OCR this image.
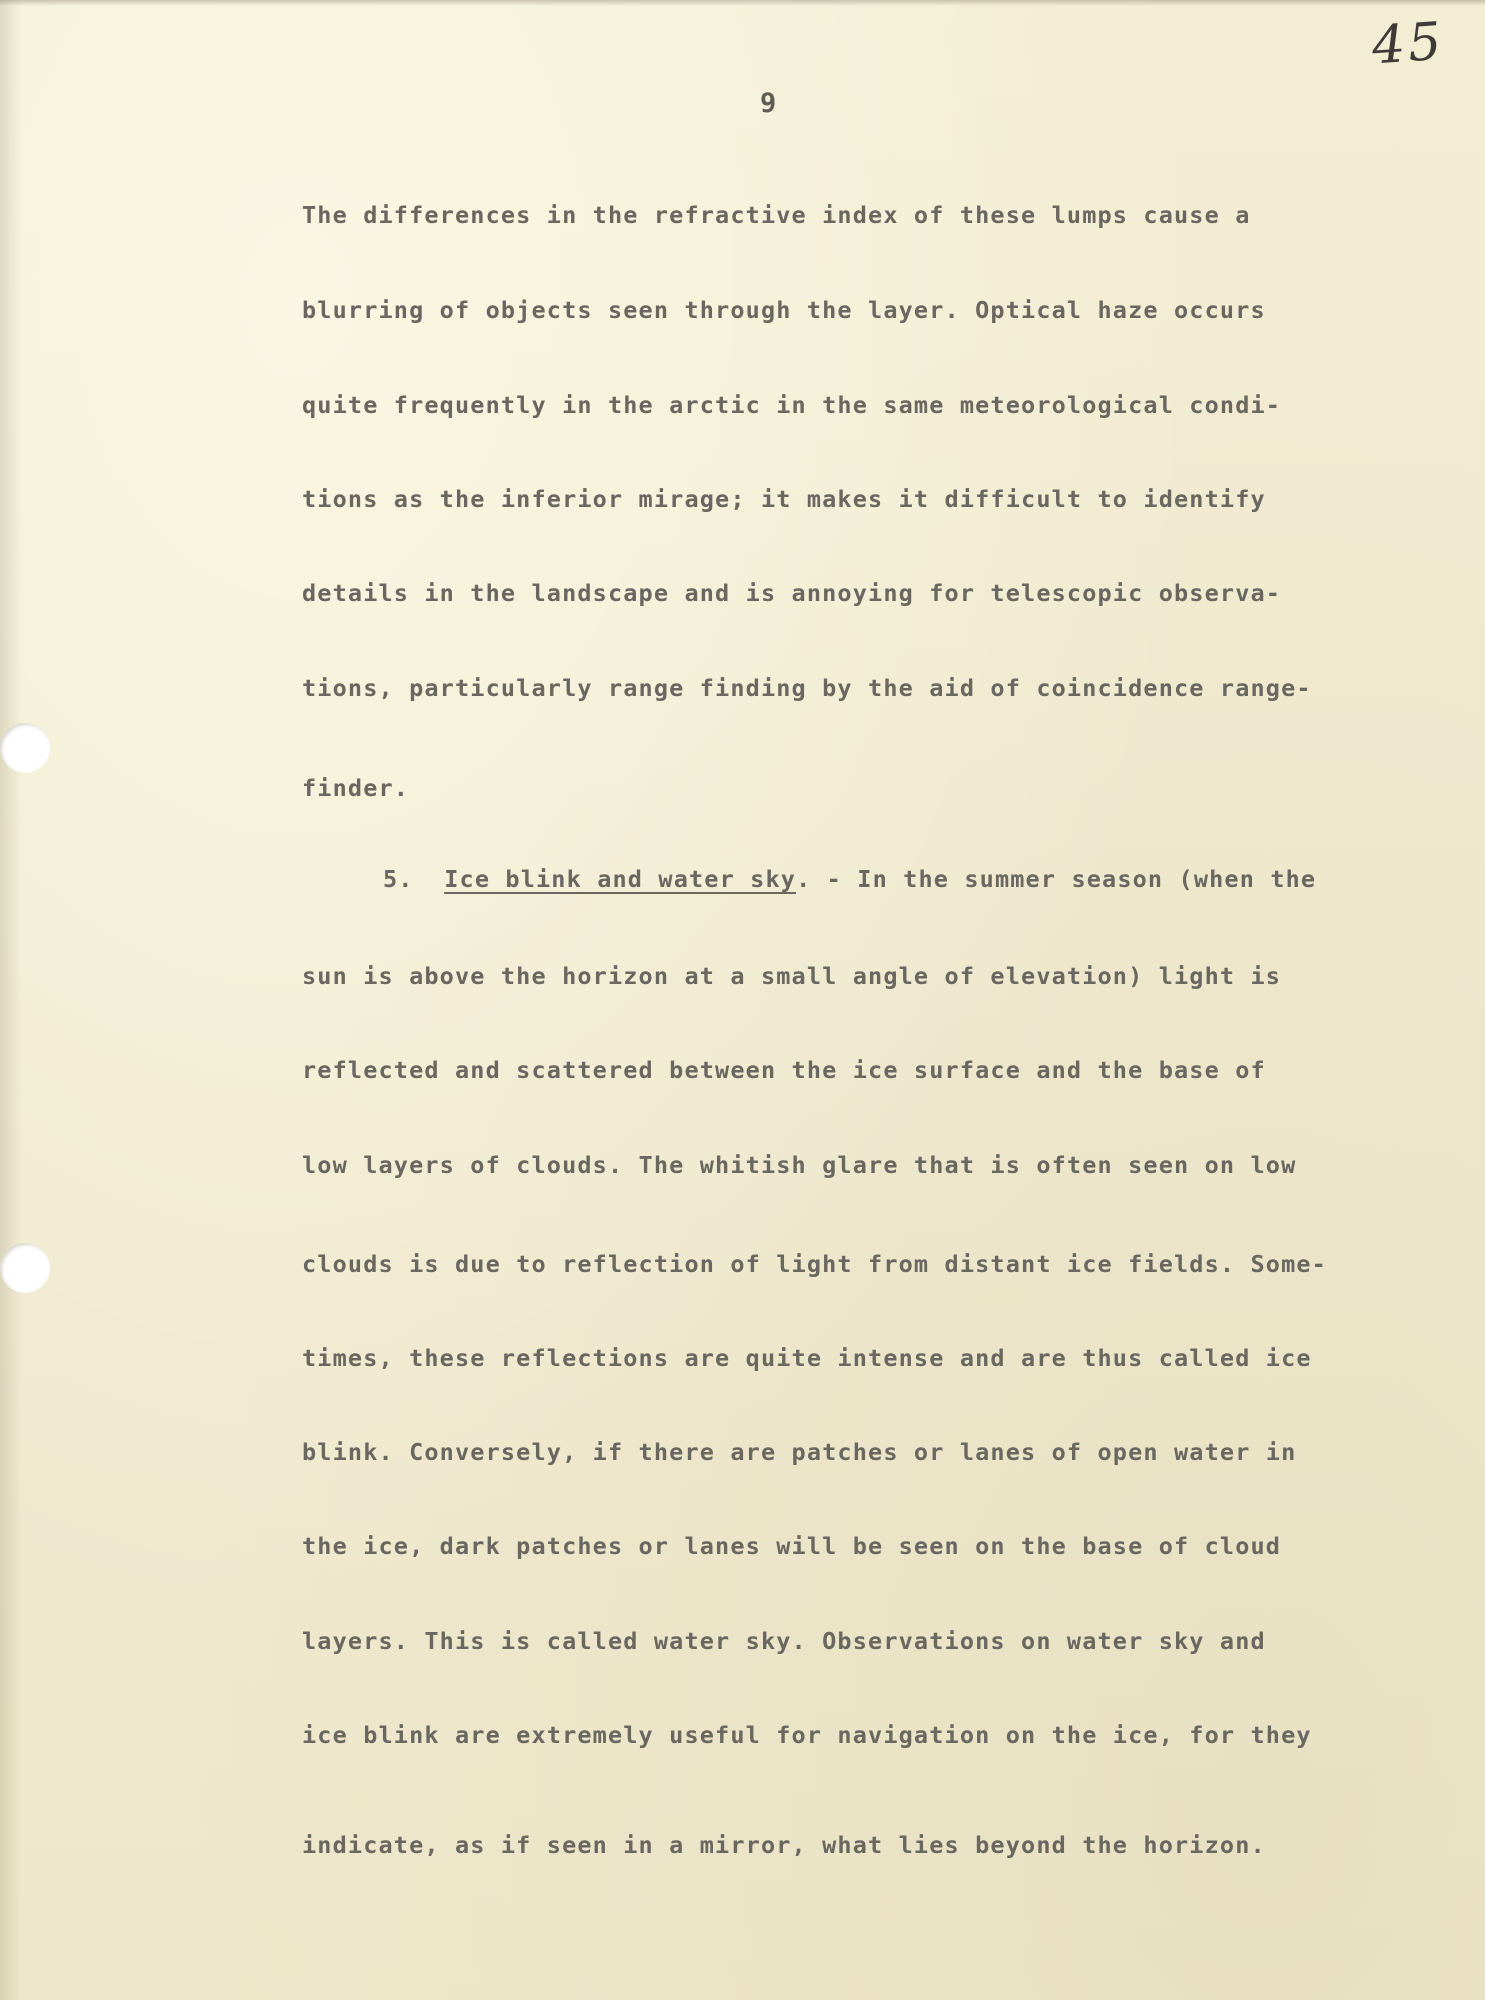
45
9

The differences in the refractive index of these lumps cause a

blurring of objects seen through the layer. Optical haze occurs

quite frequently in the arctic in the same meteorological condi-

tions as the inferior mirage; it makes it difficult to identify

details in the landscape and is annoying for telescopic observa-

tions, particularly range finding by the aid of coincidence range-

finder.

5. Ice blink and water sky. - In the summer season (when the

sun is above the horizon at a small angle of elevation) light is

reflected and scattered between the ice surface and the base of

low layers of clouds. The whitish glare that is often seen on low

clouds is due to reflection of light from distant ice fields. Some-

times, these reflections are quite intense and are thus called ice

blink. Conversely, if there are patches or lanes of open water in

the ice, dark patches or lanes will be seen on the base of cloud

layers. This is called water sky. Observations on water sky and

ice blink are extremely useful for navigation on the ice, for they

indicate, as if seen in a mirror, what lies beyond the horizon.
